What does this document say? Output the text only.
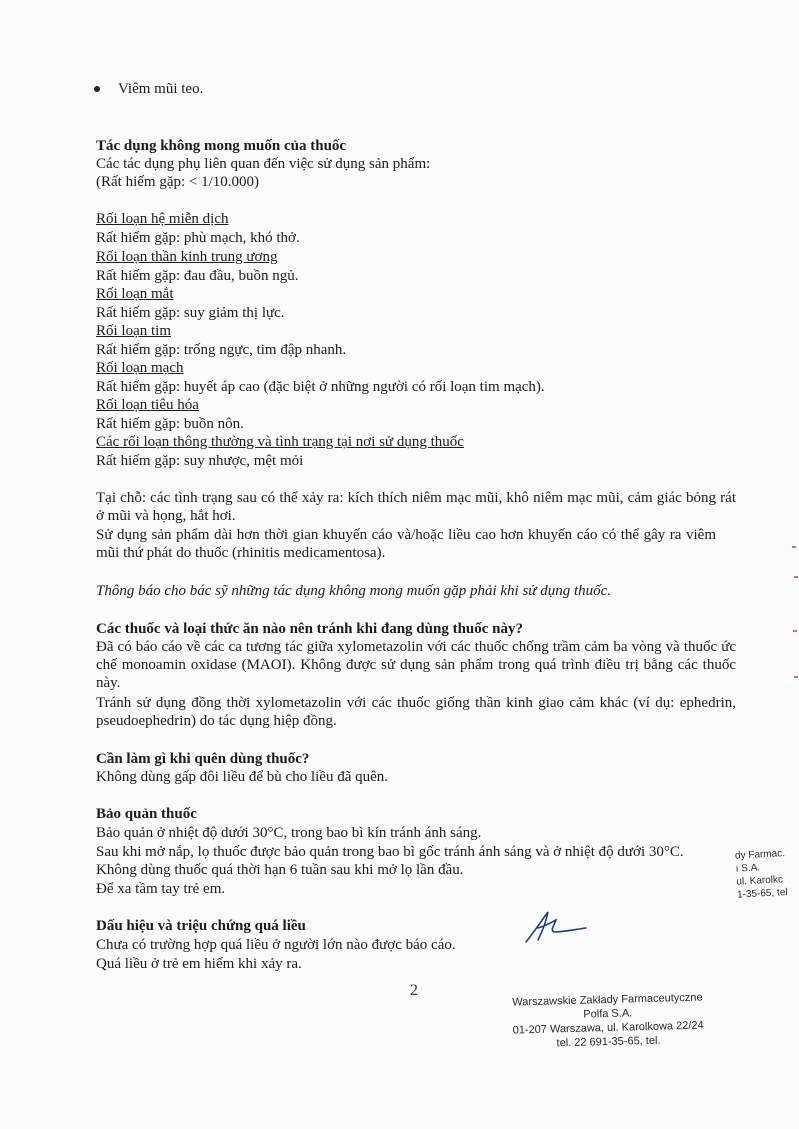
Viêm mũi teo.
Tác dụng không mong muốn của thuốc
Các tác dụng phụ liên quan đến việc sử dụng sản phẩm:
(Rất hiếm gặp: < 1/10.000)
Rối loạn hệ miễn dịch
Rất hiếm gặp: phù mạch, khó thở.
Rối loạn thần kinh trung ương
Rất hiếm gặp: đau đầu, buồn ngủ.
Rối loạn mắt
Rất hiếm gặp: suy giảm thị lực.
Rối loạn tim
Rất hiếm gặp: trống ngực, tim đập nhanh.
Rối loạn mạch
Rất hiếm gặp: huyết áp cao (đặc biệt ở những người có rối loạn tim mạch).
Rối loạn tiêu hóa
Rất hiếm gặp: buồn nôn.
Các rối loạn thông thường và tình trạng tại nơi sử dụng thuốc
Rất hiếm gặp: suy nhược, mệt mỏi
Tại chỗ: các tình trạng sau có thể xảy ra: kích thích niêm mạc mũi, khô niêm mạc mũi, cảm giác bỏng rát ở mũi và họng, hắt hơi.
Sử dụng sản phẩm dài hơn thời gian khuyến cáo và/hoặc liều cao hơn khuyến cáo có thể gây ra viêm mũi thứ phát do thuốc (rhinitis medicamentosa).
Thông báo cho bác sỹ những tác dụng không mong muốn gặp phải khi sử dụng thuốc.
Các thuốc và loại thức ăn nào nên tránh khi đang dùng thuốc này?
Đã có báo cáo về các ca tương tác giữa xylometazolin với các thuốc chống trầm cảm ba vòng và thuốc ức chế monoamin oxidase (MAOI). Không được sử dụng sản phẩm trong quá trình điều trị bằng các thuốc này.
Tránh sử dụng đồng thời xylometazolin với các thuốc giống thần kinh giao cảm khác (ví dụ: ephedrin, pseudoephedrin) do tác dụng hiệp đồng.
Cần làm gì khi quên dùng thuốc?
Không dùng gấp đôi liều để bù cho liều đã quên.
Bảo quản thuốc
Bảo quản ở nhiệt độ dưới 30°C, trong bao bì kín tránh ánh sáng.
Sau khi mở nắp, lọ thuốc được bảo quản trong bao bì gốc tránh ánh sáng và ở nhiệt độ dưới 30°C.
Không dùng thuốc quá thời hạn 6 tuần sau khi mở lọ lần đầu.
Để xa tầm tay trẻ em.
Dấu hiệu và triệu chứng quá liều
Chưa có trường hợp quá liều ở người lớn nào được báo cáo.
Quá liều ở trẻ em hiếm khi xảy ra.
2
Warszawskie Zakłady Farmaceutyczne
Polfa S.A.
01-207 Warszawa, ul. Karolkowa 22/24
tel. 22 691-35-65, tel.
dy Farmac.
ı S.A.
ul. Karolkc
1-35-65, tel
